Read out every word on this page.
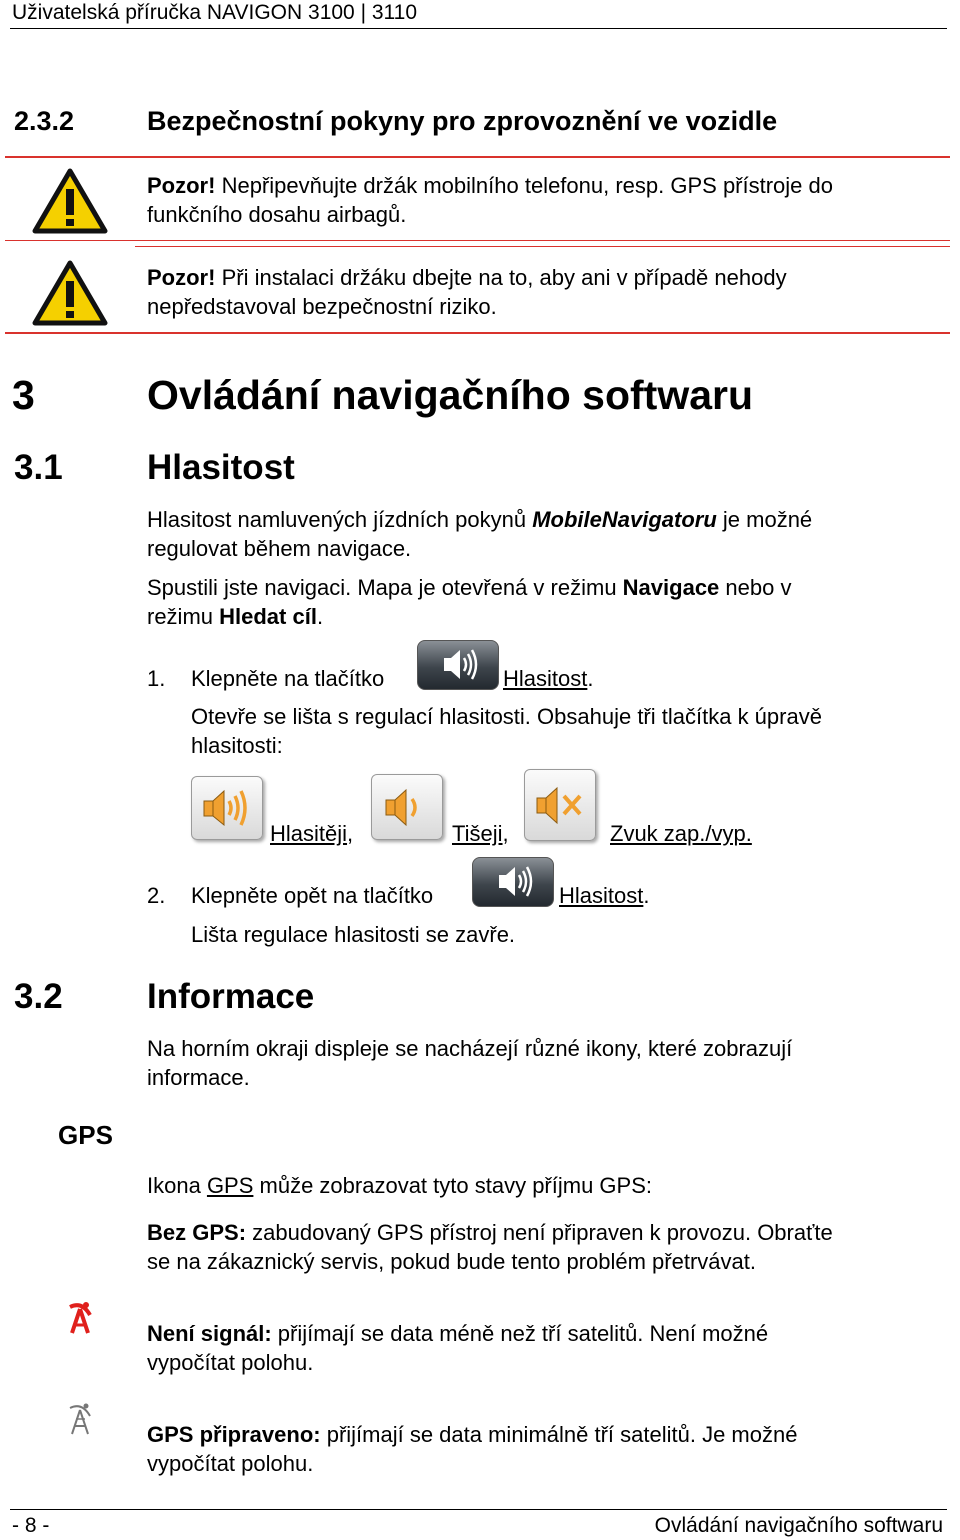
Uživatelská příručka NAVIGON 3100 | 3110
2.3.2	Bezpečnostní pokyny pro zprovoznění ve vozidle
Pozor! Nepřipevňujte držák mobilního telefonu, resp. GPS přístroje do
funkčního dosahu airbagů.
Pozor! Při instalaci držáku dbejte na to, aby ani v případě nehody
nepředstavoval bezpečnostní riziko.
3	Ovládání navigačního softwaru
3.1 Hlasitost
Hlasitost namluvených jízdních pokynů MobileNavigatoru je možné
regulovat během navigace.
Spustili jste navigaci. Mapa je otevřená v režimu Navigace nebo v
režimu Hledat cíl.
1. Klepněte na tlačítko	Hlasitost.
Otevře se lišta s regulací hlasitosti. Obsahuje tři tlačítka k úpravě
hlasitosti:
Hlasitěji,	Tišeji,	Zvuk zap./vyp.
2. Klepněte opět na tlačítko	Hlasitost.
Lišta regulace hlasitosti se zavře.
3.2 Informace
Na horním okraji displeje se nacházejí různé ikony, které zobrazují
informace.
GPS
Ikona GPS může zobrazovat tyto stavy příjmu GPS:
Bez GPS: zabudovaný GPS přístroj není připraven k provozu. Obraťte
se na zákaznický servis, pokud bude tento problém přetrvávat.
Není signál: přijímají se data méně než tří satelitů. Není možné
vypočítat polohu.
GPS připraveno: přijímají se data minimálně tří satelitů. Je možné
vypočítat polohu.
- 8 -	Ovládání navigačního softwaru
